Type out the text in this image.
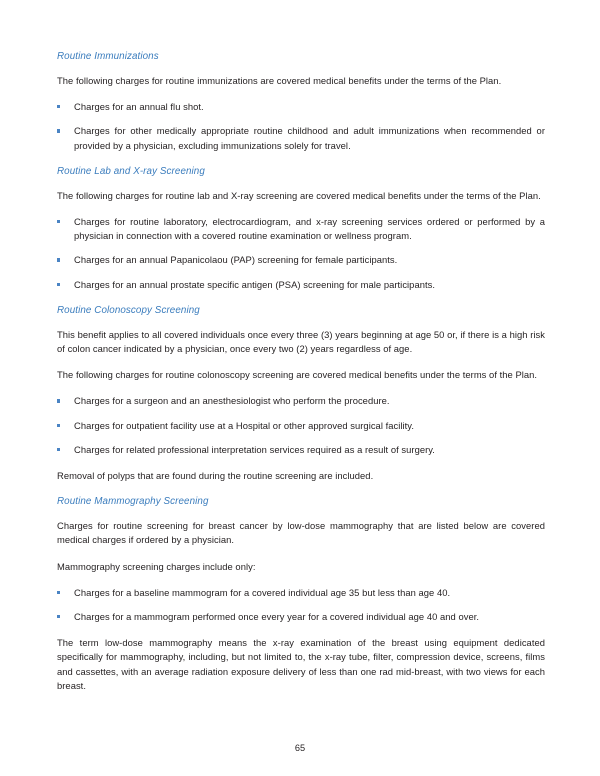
Routine Immunizations

The following charges for routine immunizations are covered medical benefits under the terms of the Plan.

Charges for an annual flu shot.
Charges for other medically appropriate routine childhood and adult immunizations when recommended or provided by a physician, excluding immunizations solely for travel.
Routine Lab and X-ray Screening

The following charges for routine lab and X-ray screening are covered medical benefits under the terms of the Plan.

Charges for routine laboratory, electrocardiogram, and x-ray screening services ordered or performed by a physician in connection with a covered routine examination or wellness program.
Charges for an annual Papanicolaou (PAP) screening for female participants.
Charges for an annual prostate specific antigen (PSA) screening for male participants.
Routine Colonoscopy Screening

This benefit applies to all covered individuals once every three (3) years beginning at age 50 or, if there is a high risk of colon cancer indicated by a physician, once every two (2) years regardless of age.

The following charges for routine colonoscopy screening are covered medical benefits under the terms of the Plan.

Charges for a surgeon and an anesthesiologist who perform the procedure.
Charges for outpatient facility use at a Hospital or other approved surgical facility.
Charges for related professional interpretation services required as a result of surgery.

Removal of polyps that are found during the routine screening are included.

Routine Mammography Screening

Charges for routine screening for breast cancer by low-dose mammography that are listed below are covered medical charges if ordered by a physician.

Mammography screening charges include only:

Charges for a baseline mammogram for a covered individual age 35 but less than age 40.
Charges for a mammogram performed once every year for a covered individual age 40 and over.

The term low-dose mammography means the x-ray examination of the breast using equipment dedicated specifically for mammography, including, but not limited to, the x-ray tube, filter, compression device, screens, films and cassettes, with an average radiation exposure delivery of less than one rad mid-breast, with two views for each breast.

65
